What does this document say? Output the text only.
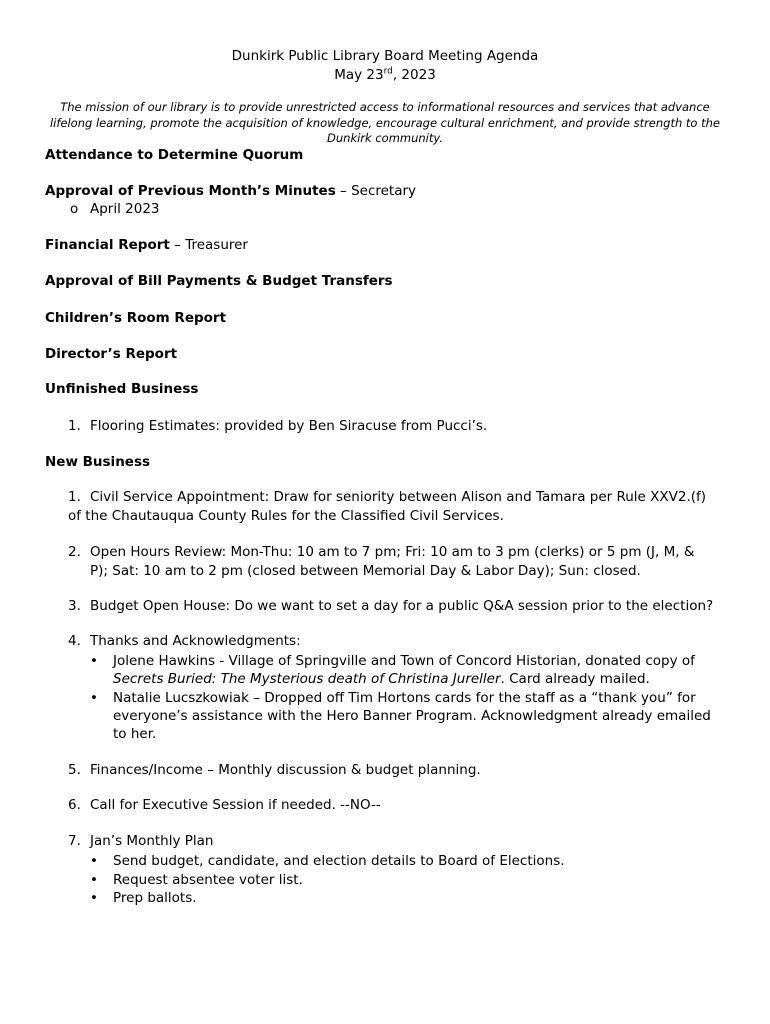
Dunkirk Public Library Board Meeting Agenda
May 23rd, 2023
The mission of our library is to provide unrestricted access to informational resources and services that advance lifelong learning, promote the acquisition of knowledge, encourage cultural enrichment, and provide strength to the Dunkirk community.
Attendance to Determine Quorum
Approval of Previous Month’s Minutes – Secretary
o April 2023
Financial Report – Treasurer
Approval of Bill Payments & Budget Transfers
Children’s Room Report
Director’s Report
Unfinished Business
1. Flooring Estimates: provided by Ben Siracuse from Pucci’s.
New Business
1. Civil Service Appointment: Draw for seniority between Alison and Tamara per Rule XXV2.(f)
of the Chautauqua County Rules for the Classified Civil Services.
2. Open Hours Review: Mon-Thu: 10 am to 7 pm; Fri: 10 am to 3 pm (clerks) or 5 pm (J, M, &
P); Sat: 10 am to 2 pm (closed between Memorial Day & Labor Day); Sun: closed.
3. Budget Open House: Do we want to set a day for a public Q&A session prior to the election?
4. Thanks and Acknowledgments:
• Jolene Hawkins - Village of Springville and Town of Concord Historian, donated copy of
Secrets Buried: The Mysterious death of Christina Jureller. Card already mailed.
• Natalie Lucszkowiak – Dropped off Tim Hortons cards for the staff as a “thank you” for
everyone’s assistance with the Hero Banner Program. Acknowledgment already emailed
to her.
5. Finances/Income – Monthly discussion & budget planning.
6. Call for Executive Session if needed. --NO--
7. Jan’s Monthly Plan
• Send budget, candidate, and election details to Board of Elections.
• Request absentee voter list.
• Prep ballots.
